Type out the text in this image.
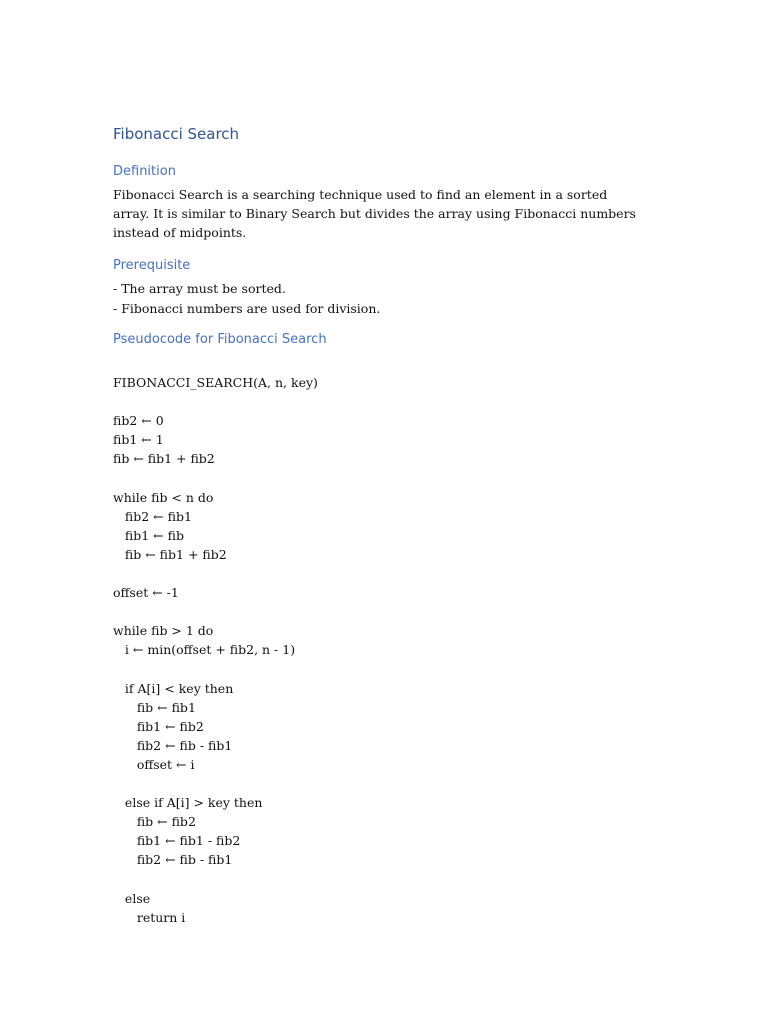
Fibonacci Search
Definition

Fibonacci Search is a searching technique used to find an element in a sorted array. It is similar to Binary Search but divides the array using Fibonacci numbers instead of midpoints.

Prerequisite
- The array must be sorted.
- Fibonacci numbers are used for division.
Pseudocode for Fibonacci Search
FIBONACCI_SEARCH(A, n, key)
fib2 ← 0
fib1 ← 1
fib ← fib1 + fib2
while fib < n do
fib2 ← fib1
fib1 ← fib
fib ← fib1 + fib2
offset ← -1
while fib > 1 do
i ← min(offset + fib2, n - 1)
if A[i] < key then
fib ← fib1
fib1 ← fib2
fib2 ← fib - fib1
offset ← i
else if A[i] > key then
fib ← fib2
fib1 ← fib1 - fib2
fib2 ← fib - fib1
else
return i
